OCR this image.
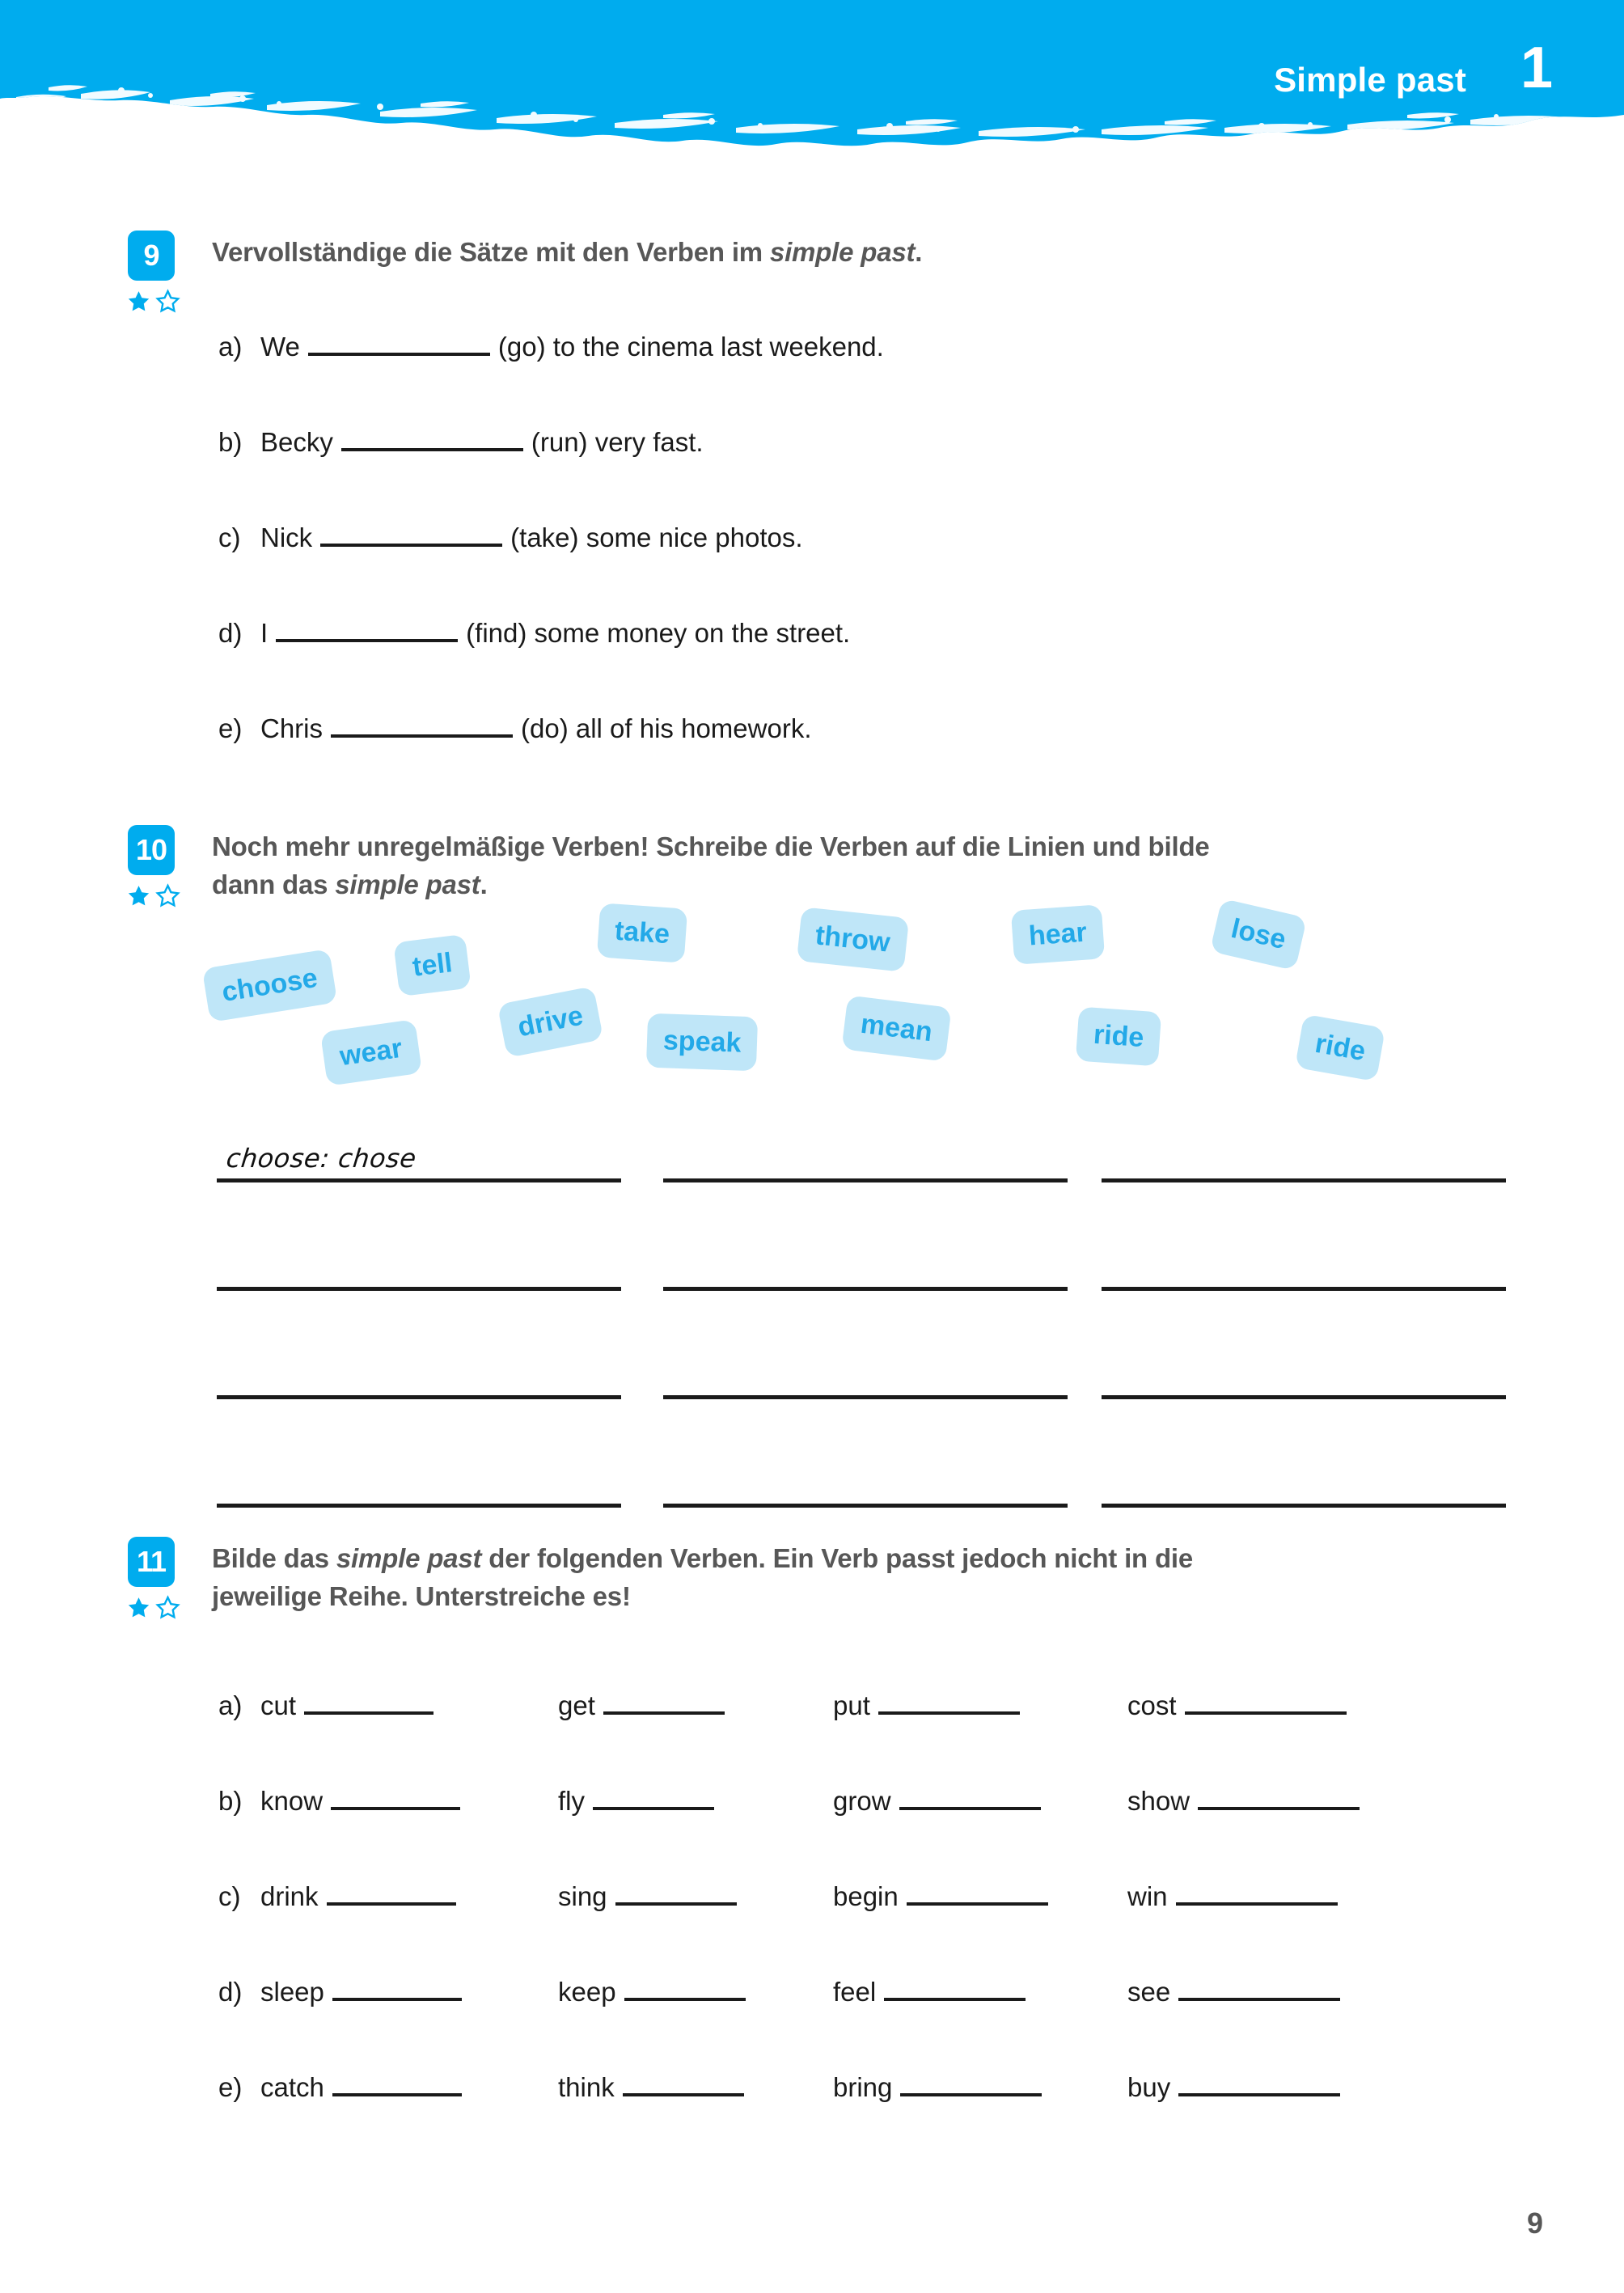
Simple past 1
9	Vervollständige die Sätze mit den Verben im simple past.
a) We	(go) to the cinema last weekend.
b) Becky	(run) very fast.
c) Nick	(take) some nice photos.
d) I	(find) some money on the street.
e) Chris	(do) all of his homework.
10	Noch mehr unregelmäßige Verben! Schreibe die Verben auf die Linien und bilde
dann das simple past.
choose	tell
take	throw	hear	lose
wear
drive	speak	mean	ride	ride
choose: chose
11	Bilde das simple past der folgenden Verben. Ein Verb passt jedoch nicht in die
jeweilige Reihe. Unterstreiche es!
a) cut	get	put	cost
b) know	fly	grow	show
c) drink	sing	begin	win
d) sleep	keep	feel	see
e) catch	think	bring	buy
9
